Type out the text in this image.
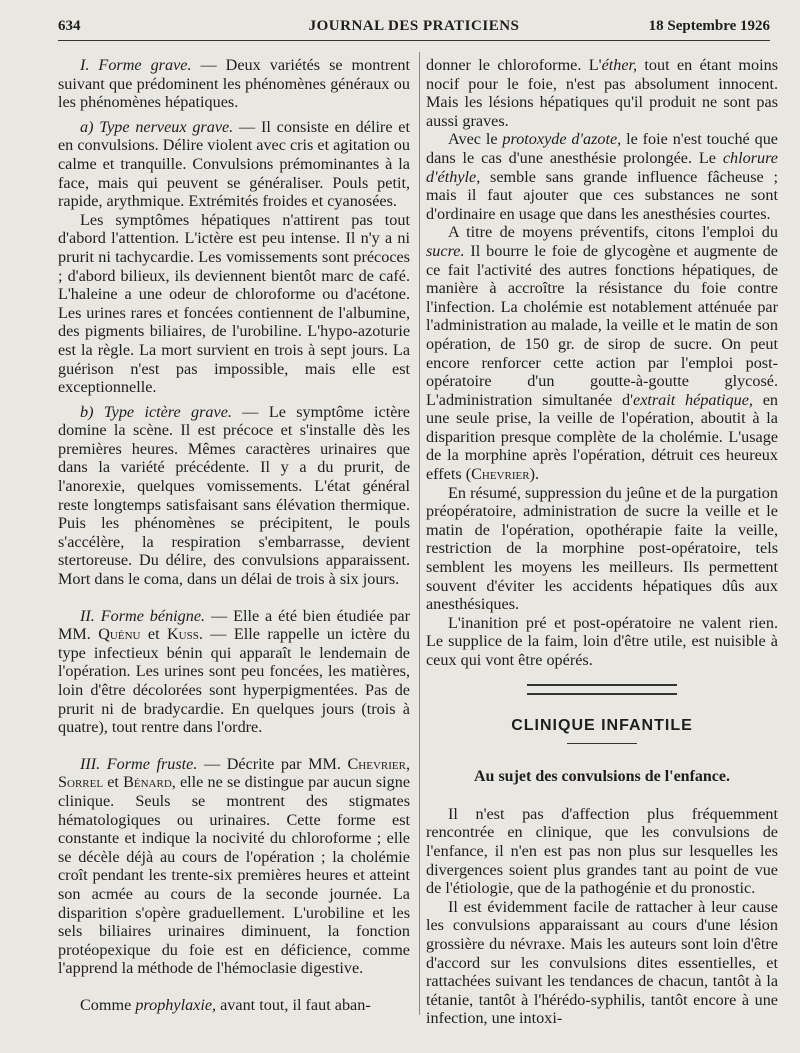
634	JOURNAL DES PRATICIENS	18 Septembre 1926

I. Forme grave. — Deux variétés se montrent suivant que prédominent les phénomènes généraux ou les phénomènes hépatiques.

a) Type nerveux grave. — Il consiste en délire et en convulsions. Délire violent avec cris et agitation ou calme et tranquille. Convulsions prémominantes à la face, mais qui peuvent se généraliser. Pouls petit, rapide, arythmique. Extrémités froides et cyanosées.

Les symptômes hépatiques n'attirent pas tout d'abord l'attention. L'ictère est peu intense. Il n'y a ni prurit ni tachycardie. Les vomissements sont précoces ; d'abord bilieux, ils deviennent bientôt marc de café. L'haleine a une odeur de chloroforme ou d'acétone. Les urines rares et foncées contiennent de l'albumine, des pigments biliaires, de l'urobiline. L'hypo-azoturie est la règle. La mort survient en trois à sept jours. La guérison n'est pas impossible, mais elle est exceptionnelle.

b) Type ictère grave. — Le symptôme ictère domine la scène. Il est précoce et s'installe dès les premières heures. Mêmes caractères urinaires que dans la variété précédente. Il y a du prurit, de l'anorexie, quelques vomissements. L'état général reste longtemps satisfaisant sans élévation thermique. Puis les phénomènes se précipitent, le pouls s'accélère, la respiration s'embarrasse, devient stertoreuse. Du délire, des convulsions apparaissent. Mort dans le coma, dans un délai de trois à six jours.

II. Forme bénigne. — Elle a été bien étudiée par MM. Quénu et Kuss. — Elle rappelle un ictère du type infectieux bénin qui apparaît le lendemain de l'opération. Les urines sont peu foncées, les matières, loin d'être décolorées sont hyperpigmentées. Pas de prurit ni de bradycardie. En quelques jours (trois à quatre), tout rentre dans l'ordre.

III. Forme fruste. — Décrite par MM. Chevrier, Sorrel et Bénard, elle ne se distingue par aucun signe clinique. Seuls se montrent des stigmates hématologiques ou urinaires. Cette forme est constante et indique la nocivité du chloroforme ; elle se décèle déjà au cours de l'opération ; la cholémie croît pendant les trente-six premières heures et atteint son acmée au cours de la seconde journée. La disparition s'opère graduellement. L'urobiline et les sels biliaires urinaires diminuent, la fonction protéopexique du foie est en déficience, comme l'apprend la méthode de l'hémoclasie digestive.

Comme prophylaxie, avant tout, il faut aban-

donner le chloroforme. L'éther, tout en étant moins nocif pour le foie, n'est pas absolument innocent. Mais les lésions hépatiques qu'il produit ne sont pas aussi graves.

Avec le protoxyde d'azote, le foie n'est touché que dans le cas d'une anesthésie prolongée. Le chlorure d'éthyle, semble sans grande influence fâcheuse ; mais il faut ajouter que ces substances ne sont d'ordinaire en usage que dans les anesthésies courtes.

A titre de moyens préventifs, citons l'emploi du sucre. Il bourre le foie de glycogène et augmente de ce fait l'activité des autres fonctions hépatiques, de manière à accroître la résistance du foie contre l'infection. La cholémie est notablement atténuée par l'administration au malade, la veille et le matin de son opération, de 150 gr. de sirop de sucre. On peut encore renforcer cette action par l'emploi post-opératoire d'un goutte-à-goutte glycosé. L'administration simultanée d'extrait hépatique, en une seule prise, la veille de l'opération, aboutit à la disparition presque complète de la cholémie. L'usage de la morphine après l'opération, détruit ces heureux effets (Chevrier).

En résumé, suppression du jeûne et de la purgation préopératoire, administration de sucre la veille et le matin de l'opération, opothérapie faite la veille, restriction de la morphine post-opératoire, tels semblent les moyens les meilleurs. Ils permettent souvent d'éviter les accidents hépatiques dûs aux anesthésiques.

L'inanition pré et post-opératoire ne valent rien. Le supplice de la faim, loin d'être utile, est nuisible à ceux qui vont être opérés.

CLINIQUE INFANTILE
Au sujet des convulsions de l'enfance.

Il n'est pas d'affection plus fréquemment rencontrée en clinique, que les convulsions de l'enfance, il n'en est pas non plus sur lesquelles les divergences soient plus grandes tant au point de vue de l'étiologie, que de la pathogénie et du pronostic.

Il est évidemment facile de rattacher à leur cause les convulsions apparaissant au cours d'une lésion grossière du névraxe. Mais les auteurs sont loin d'être d'accord sur les convulsions dites essentielles, et rattachées suivant les tendances de chacun, tantôt à la tétanie, tantôt à l'hérédo-syphilis, tantôt encore à une infection, une intoxi-
